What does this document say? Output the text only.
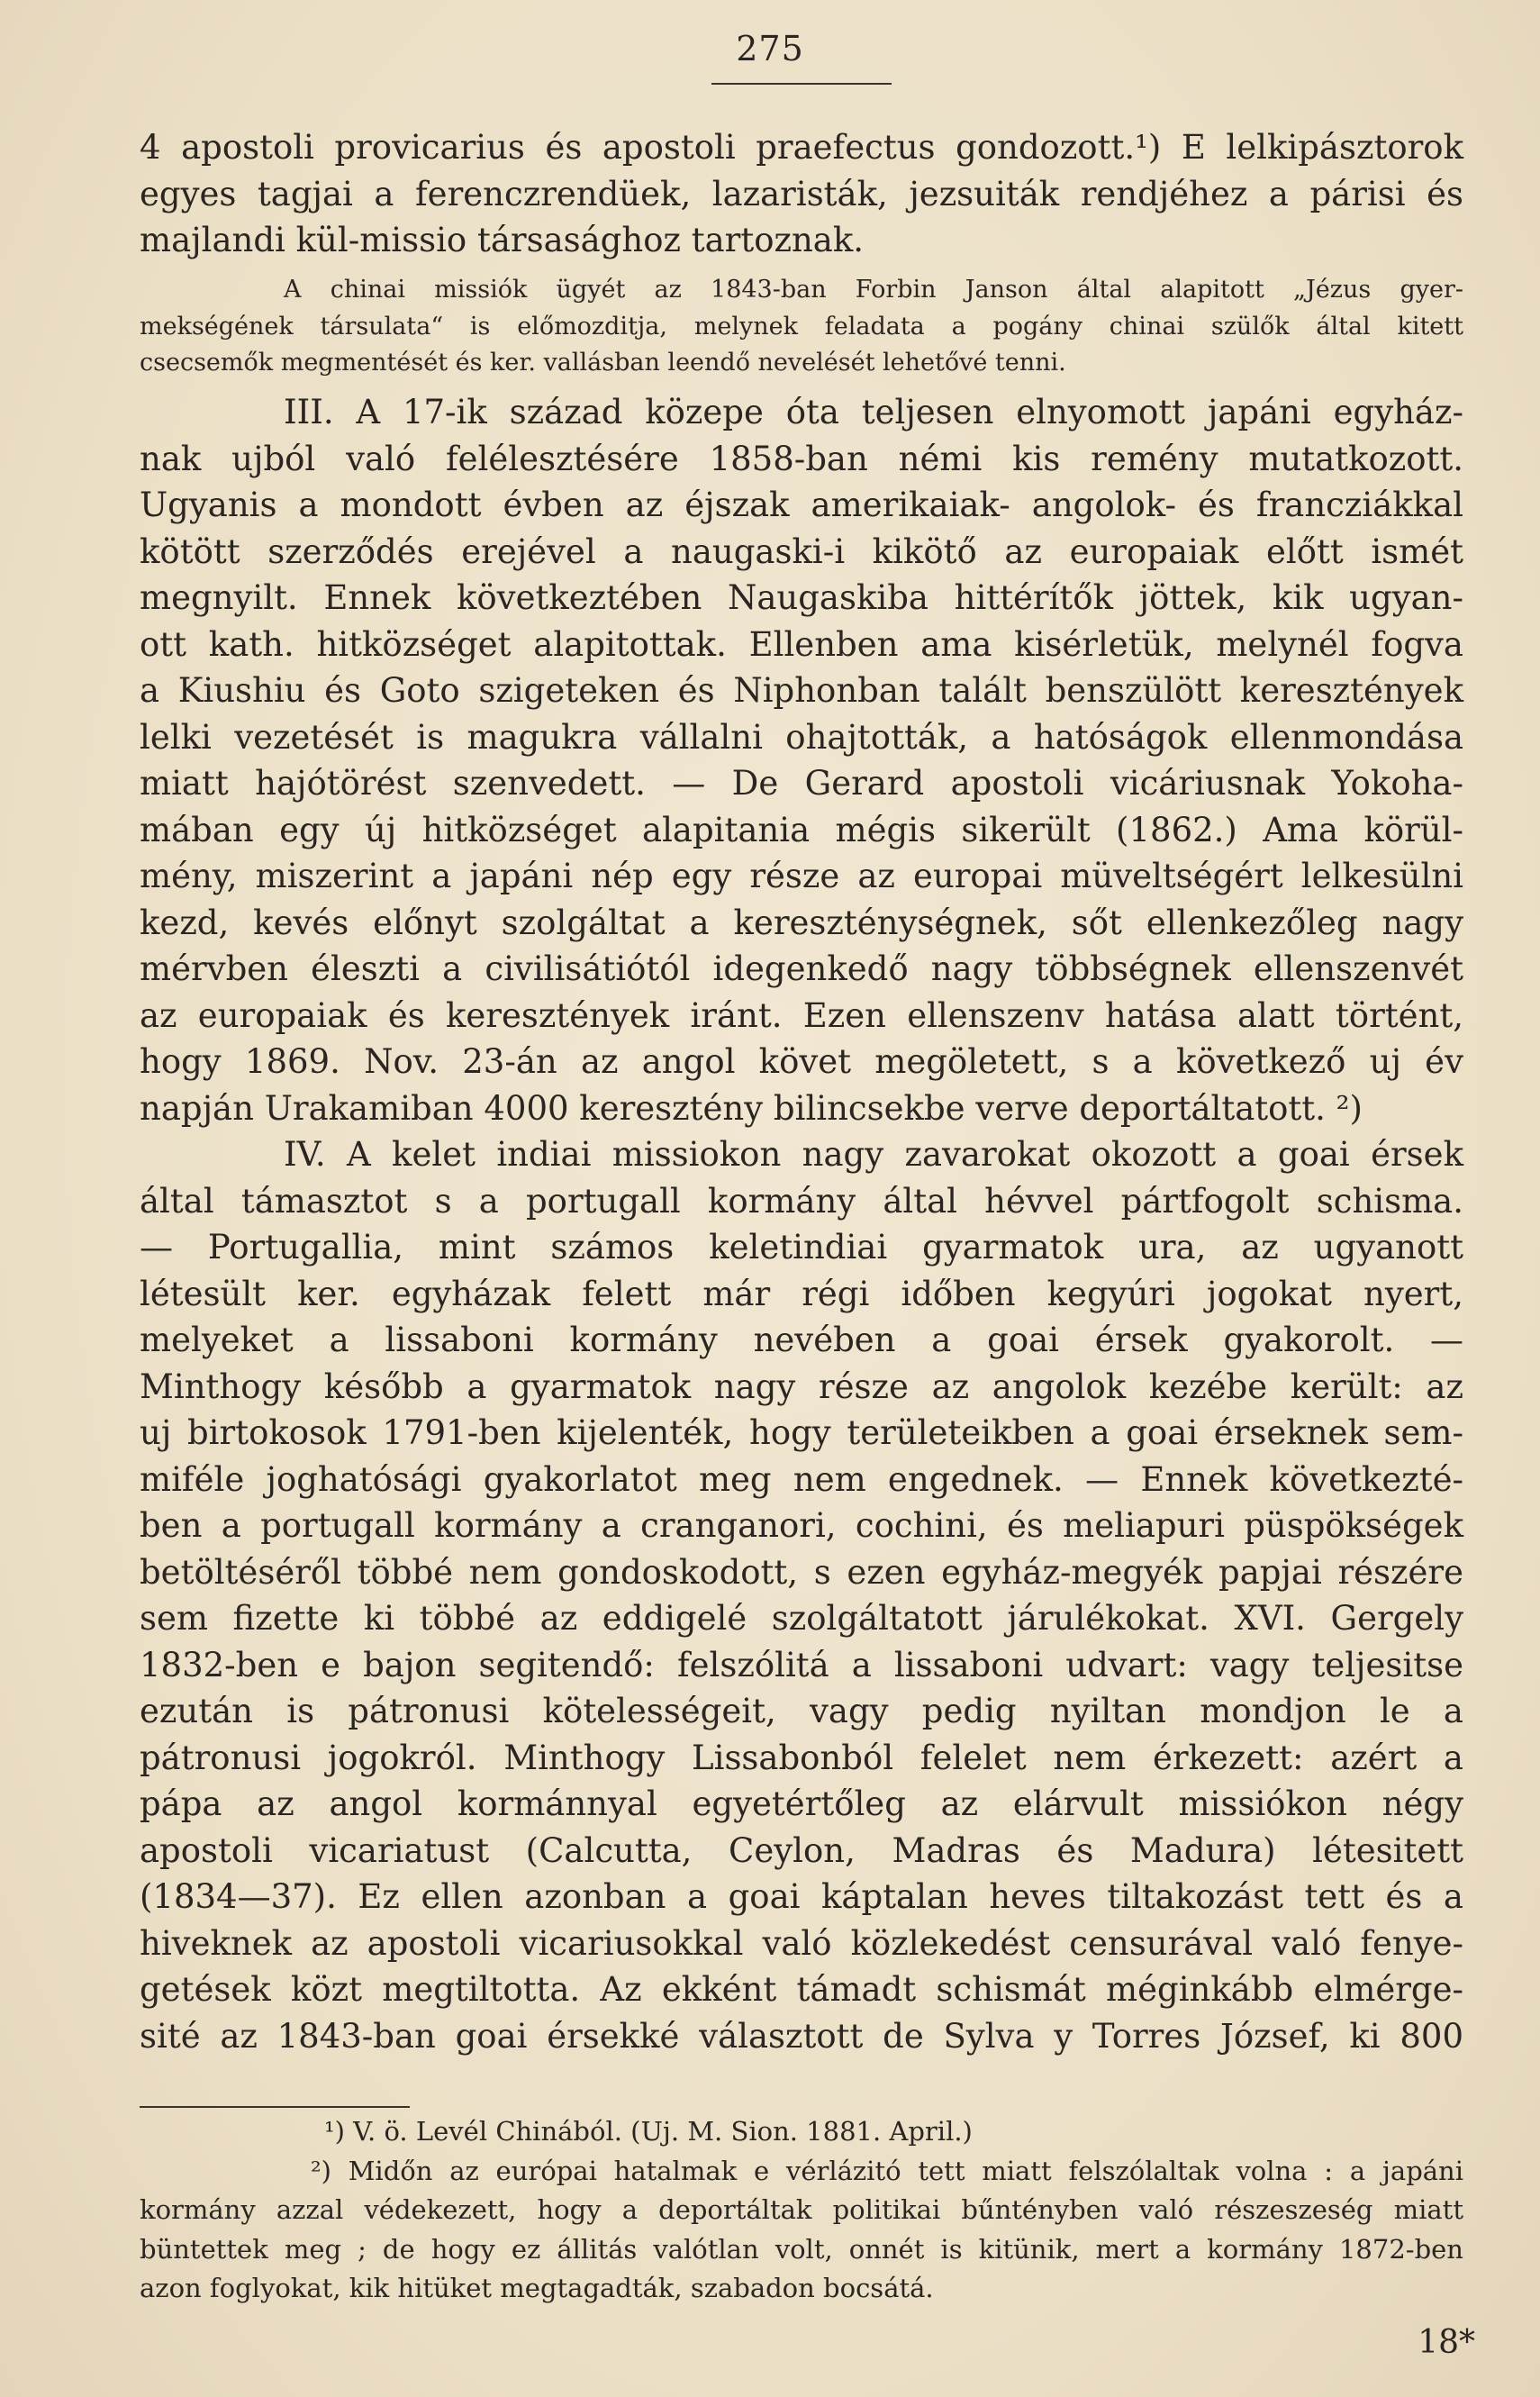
275
4 apostoli provicarius és apostoli praefectus gondozott.¹) E lelkipásztorok
egyes tagjai a ferenczrendüek, lazaristák, jezsuiták rendjéhez a párisi és
majlandi kül-missio társasághoz tartoznak.
A chinai missiók ügyét az 1843-ban Forbin Janson által alapitott „Jézus gyer-
mekségének társulata“ is előmozditja, melynek feladata a pogány chinai szülők által kitett
csecsemők megmentését és ker. vallásban leendő nevelését lehetővé tenni.
III. A 17-ik század közepe óta teljesen elnyomott japáni egyház-
nak ujból való felélesztésére 1858-ban némi kis remény mutatkozott.
Ugyanis a mondott évben az éjszak amerikaiak- angolok- és francziákkal
kötött szerződés erejével a naugaski-i kikötő az europaiak előtt ismét
megnyilt. Ennek következtében Naugaskiba hittérítők jöttek, kik ugyan-
ott kath. hitközséget alapitottak. Ellenben ama kisérletük, melynél fogva
a Kiushiu és Goto szigeteken és Niphonban talált benszülött keresztények
lelki vezetését is magukra vállalni ohajtották, a hatóságok ellenmondása
miatt hajótörést szenvedett. — De Gerard apostoli vicáriusnak Yokoha-
mában egy új hitközséget alapitania mégis sikerült (1862.) Ama körül-
mény, miszerint a japáni nép egy része az europai müveltségért lelkesülni
kezd, kevés előnyt szolgáltat a kereszténységnek, sőt ellenkezőleg nagy
mérvben éleszti a civilisátiótól idegenkedő nagy többségnek ellenszenvét
az europaiak és keresztények iránt. Ezen ellenszenv hatása alatt történt,
hogy 1869. Nov. 23-án az angol követ megöletett, s a következő uj év
napján Urakamiban 4000 keresztény bilincsekbe verve deportáltatott. ²)
IV. A kelet indiai missiokon nagy zavarokat okozott a goai érsek
által támasztot s a portugall kormány által hévvel pártfogolt schisma.
— Portugallia, mint számos keletindiai gyarmatok ura, az ugyanott
létesült ker. egyházak felett már régi időben kegyúri jogokat nyert,
melyeket a lissaboni kormány nevében a goai érsek gyakorolt. —
Minthogy később a gyarmatok nagy része az angolok kezébe került: az
uj birtokosok 1791-ben kijelenték, hogy területeikben a goai érseknek sem-
miféle joghatósági gyakorlatot meg nem engednek. — Ennek következté-
ben a portugall kormány a cranganori, cochini, és meliapuri püspökségek
betöltéséről többé nem gondoskodott, s ezen egyház-megyék papjai részére
sem fizette ki többé az eddigelé szolgáltatott járulékokat. XVI. Gergely
1832-ben e bajon segitendő: felszólitá a lissaboni udvart: vagy teljesitse
ezután is pátronusi kötelességeit, vagy pedig nyiltan mondjon le a
pátronusi jogokról. Minthogy Lissabonból felelet nem érkezett: azért a
pápa az angol kormánnyal egyetértőleg az elárvult missiókon négy
apostoli vicariatust (Calcutta, Ceylon, Madras és Madura) létesitett
(1834—37). Ez ellen azonban a goai káptalan heves tiltakozást tett és a
hiveknek az apostoli vicariusokkal való közlekedést censurával való fenye-
getések közt megtiltotta. Az ekként támadt schismát méginkább elmérge-
sité az 1843-ban goai érsekké választott de Sylva y Torres József, ki 800
¹) V. ö. Levél Chinából. (Uj. M. Sion. 1881. April.)
²) Midőn az európai hatalmak e vérlázitó tett miatt felszólaltak volna : a japáni
kormány azzal védekezett, hogy a deportáltak politikai bűntényben való részeszeség miatt
büntettek meg ; de hogy ez állitás valótlan volt, onnét is kitünik, mert a kormány 1872-ben
azon foglyokat, kik hitüket megtagadták, szabadon bocsátá.
18*
